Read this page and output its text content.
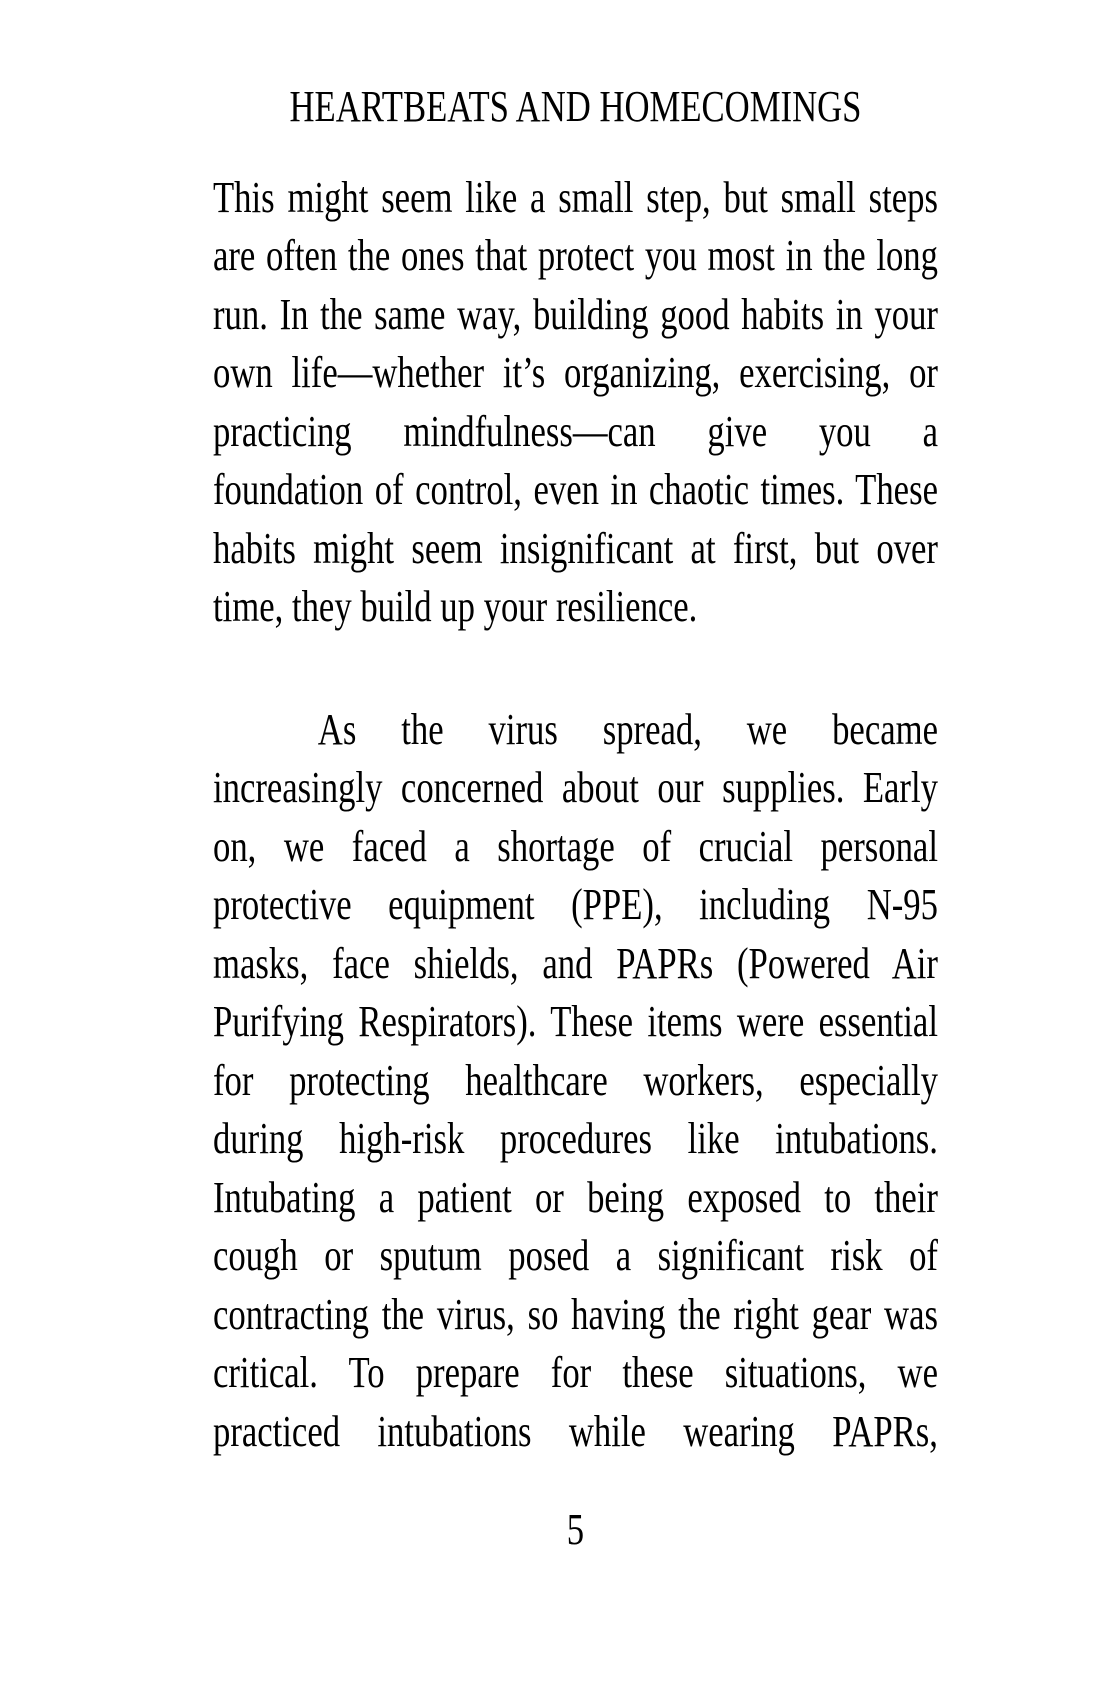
HEARTBEATS AND HOMECOMINGS
This might seem like a small step, but small steps
are often the ones that protect you most in the long
run. In the same way, building good habits in your
own life—whether it’s organizing, exercising, or
practicing mindfulness—can give you a
foundation of control, even in chaotic times. These
habits might seem insignificant at first, but over
time, they build up your resilience.
As the virus spread, we became
increasingly concerned about our supplies. Early
on, we faced a shortage of crucial personal
protective equipment (PPE), including N-95
masks, face shields, and PAPRs (Powered Air
Purifying Respirators). These items were essential
for protecting healthcare workers, especially
during high-risk procedures like intubations.
Intubating a patient or being exposed to their
cough or sputum posed a significant risk of
contracting the virus, so having the right gear was
critical. To prepare for these situations, we
practiced intubations while wearing PAPRs,
5
